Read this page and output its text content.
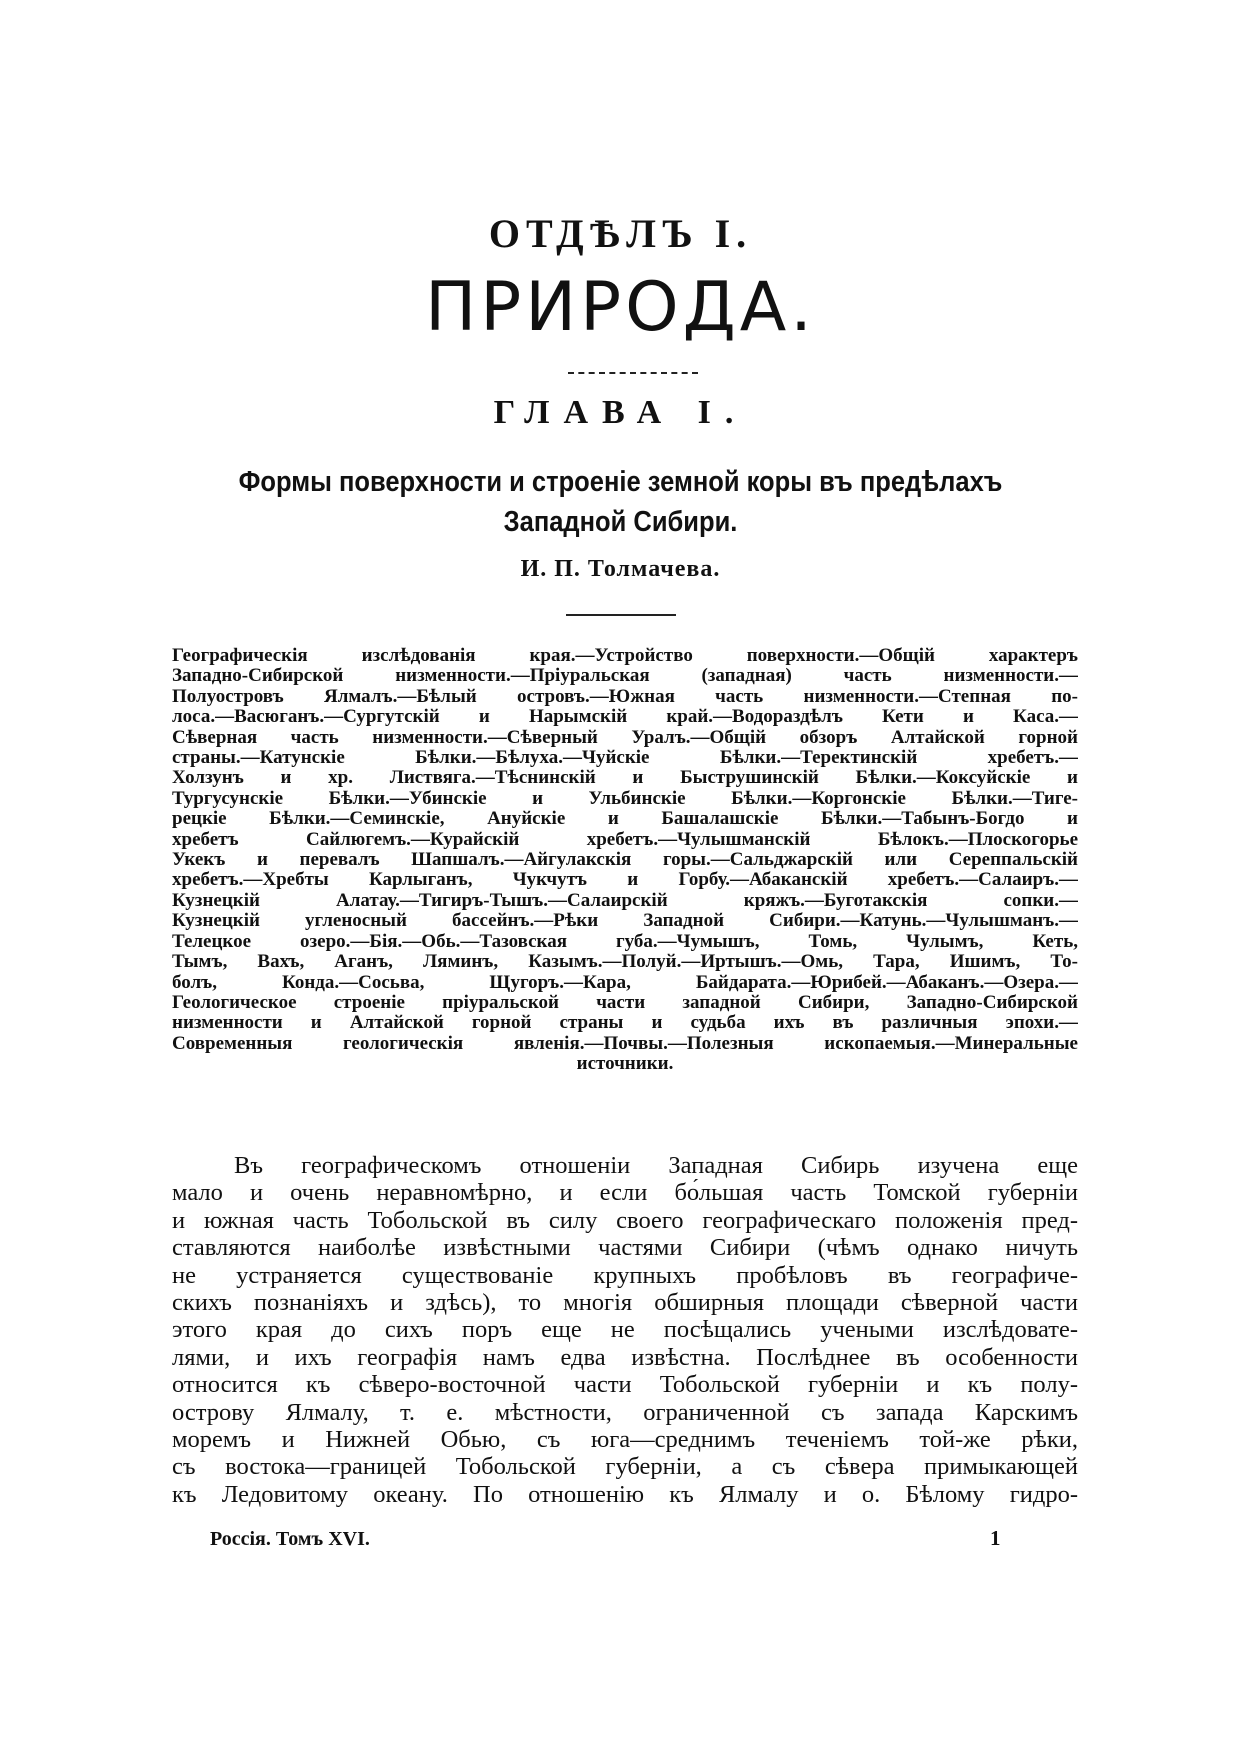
ОТДѢЛЪ I.
ПРИРОДА.
ГЛАВА I.
Формы поверхности и строеніе земной коры въ предѣлахъ Западной Сибири.
И. П. Толмачева.
Географическія изслѣдованія края.—Устройство поверхности.—Общій характеръ
Западно-Сибирской низменности.—Пріуральская (западная) часть низменности.—
Полуостровъ Ялмалъ.—Бѣлый островъ.—Южная часть низменности.—Степная по-
лоса.—Васюганъ.—Сургутскій и Нарымскій край.—Водораздѣлъ Кети и Каса.—
Сѣверная часть низменности.—Сѣверный Уралъ.—Общій обзоръ Алтайской горной
страны.—Катунскіе Бѣлки.—Бѣлуха.—Чуйскіе Бѣлки.—Теректинскій хребетъ.—
Холзунъ и хр. Листвяга.—Тѣснинскій и Быструшинскій Бѣлки.—Коксуйскіе и
Тургусунскіе Бѣлки.—Убинскіе и Ульбинскіе Бѣлки.—Коргонскіе Бѣлки.—Тиге-
рецкіе Бѣлки.—Семинскіе, Ануйскіе и Башалашскіе Бѣлки.—Табынъ-Богдо и
хребетъ Сайлюгемъ.—Курайскій хребетъ.—Чулышманскій Бѣлокъ.—Плоскогорье
Укекъ и перевалъ Шапшалъ.—Айгулакскія горы.—Сальджарскій или Сереппальскій
хребетъ.—Хребты Карлыганъ, Чукчутъ и Горбу.—Абаканскій хребетъ.—Салаиръ.—
Кузнецкій Алатау.—Тигиръ-Тышъ.—Салаирскій кряжъ.—Буготакскія сопки.—
Кузнецкій угленосный бассейнъ.—Рѣки Западной Сибири.—Катунь.—Чулышманъ.—
Телецкое озеро.—Бія.—Обь.—Тазовская губа.—Чумышъ, Томь, Чулымъ, Кеть,
Тымъ, Вахъ, Аганъ, Ляминъ, Казымъ.—Полуй.—Иртышъ.—Омь, Тара, Ишимъ, То-
болъ, Конда.—Сосьва, Щугоръ.—Кара, Байдарата.—Юрибей.—Абаканъ.—Озера.—
Геологическое строеніе пріуральской части западной Сибири, Западно-Сибирской
низменности и Алтайской горной страны и судьба ихъ въ различныя эпохи.—
Современныя геологическія явленія.—Почвы.—Полезныя ископаемыя.—Минеральные
источники.
Въ географическомъ отношеніи Западная Сибирь изучена еще
мало и очень неравномѣрно, и если бо́льшая часть Томской губерніи
и южная часть Тобольской въ силу своего географическаго положенія пред-
ставляются наиболѣе извѣстными частями Сибири (чѣмъ однако ничуть
не устраняется существованіе крупныхъ пробѣловъ въ географиче-
скихъ познаніяхъ и здѣсь), то многія обширныя площади сѣверной части
этого края до сихъ поръ еще не посѣщались учеными изслѣдовате-
лями, и ихъ географія намъ едва извѣстна. Послѣднее въ особенности
относится къ сѣверо-восточной части Тобольской губерніи и къ полу-
острову Ялмалу, т. е. мѣстности, ограниченной съ запада Карскимъ
моремъ и Нижней Обью, съ юга—среднимъ теченіемъ той-же рѣки,
съ востока—границей Тобольской губерніи, а съ сѣвера примыкающей
къ Ледовитому океану. По отношенію къ Ялмалу и о. Бѣлому гидро-
Россія. Томъ XVI.	1
